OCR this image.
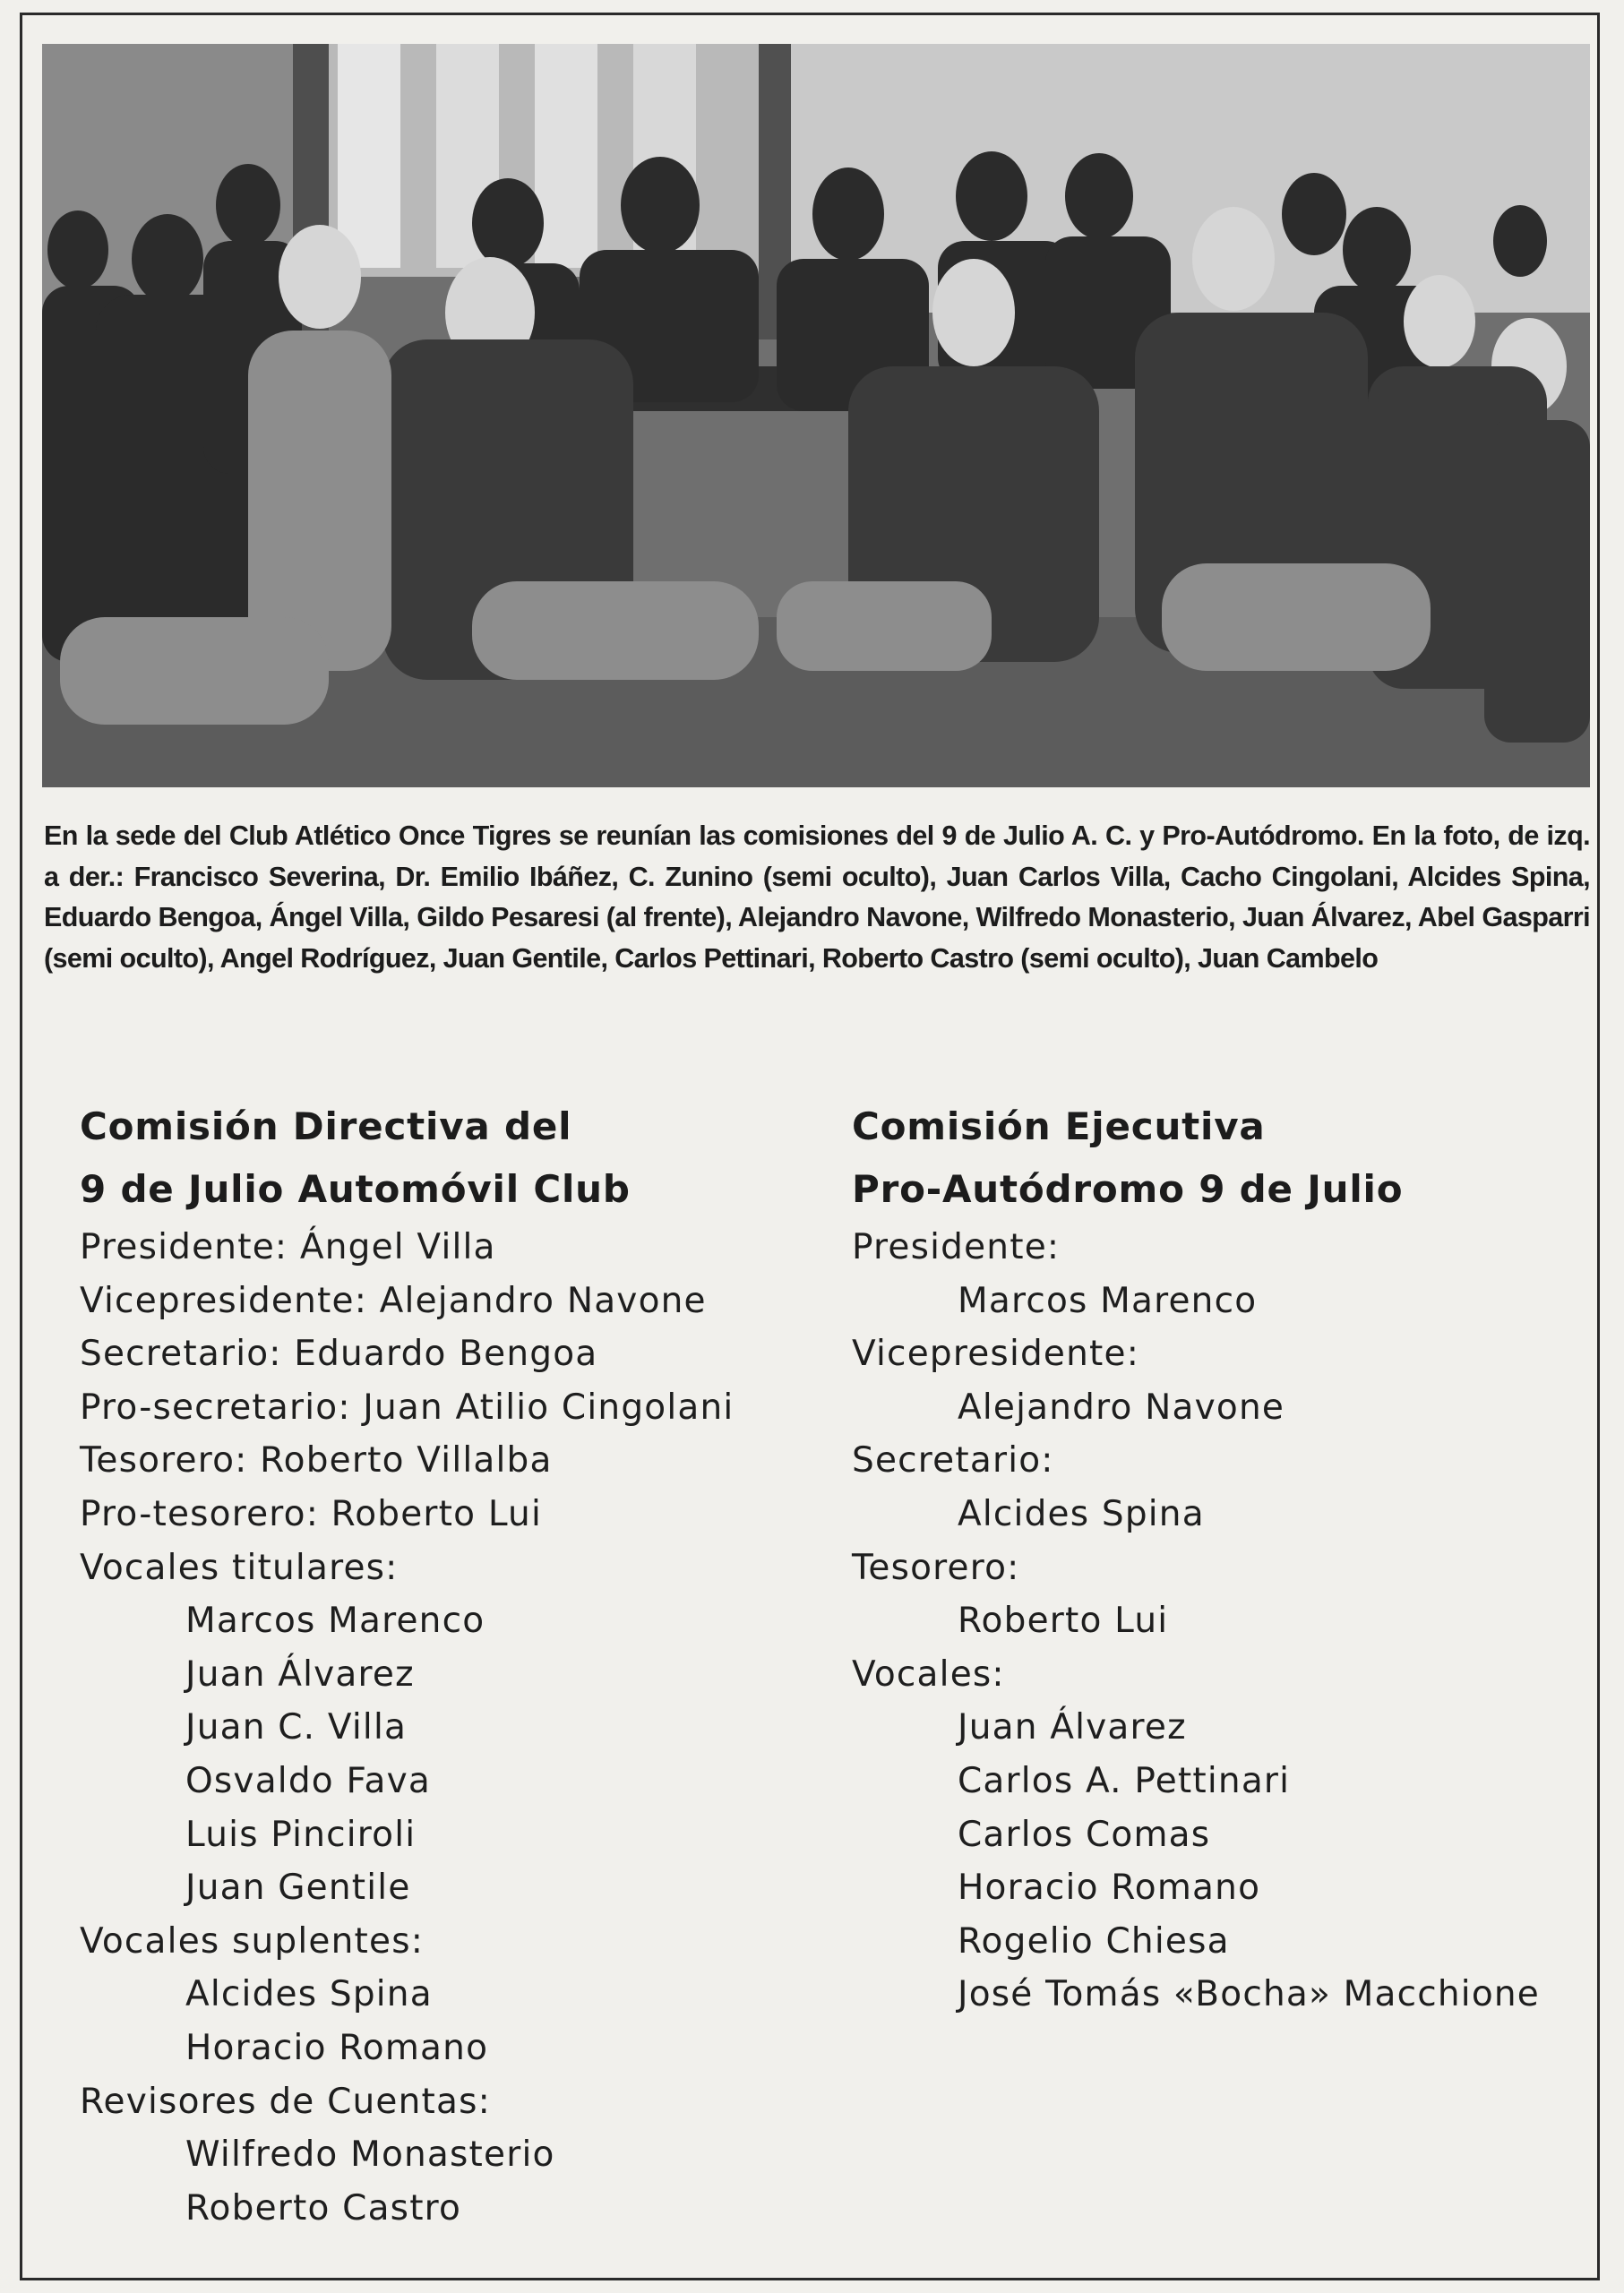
En la sede del Club Atlético Once Tigres se reunían las comisiones del 9 de Julio A. C. y Pro-Autódromo. En la foto, de izq. a der.: Francisco Severina, Dr. Emilio Ibáñez, C. Zunino (semi oculto), Juan Carlos Villa, Cacho Cingolani, Alcides Spina, Eduardo Bengoa, Ángel Villa, Gildo Pesaresi (al frente), Alejandro Navone, Wilfredo Monasterio, Juan Álvarez, Abel Gasparri (semi oculto), Angel Rodríguez, Juan Gentile, Carlos Pettinari, Roberto Castro (semi oculto), Juan Cambelo
Comisión Directiva del
9 de Julio Automóvil Club
Presidente: Ángel Villa
Vicepresidente: Alejandro Navone
Secretario: Eduardo Bengoa
Pro-secretario: Juan Atilio Cingolani
Tesorero: Roberto Villalba
Pro-tesorero: Roberto Lui
Vocales titulares:
Marcos Marenco
Juan Álvarez
Juan C. Villa
Osvaldo Fava
Luis Pinciroli
Juan Gentile
Vocales suplentes:
Alcides Spina
Horacio Romano
Revisores de Cuentas:
Wilfredo Monasterio
Roberto Castro
Comisión Ejecutiva
Pro-Autódromo 9 de Julio
Presidente:
Marcos Marenco
Vicepresidente:
Alejandro Navone
Secretario:
Alcides Spina
Tesorero:
Roberto Lui
Vocales:
Juan Álvarez
Carlos A. Pettinari
Carlos Comas
Horacio Romano
Rogelio Chiesa
José Tomás «Bocha» Macchione
